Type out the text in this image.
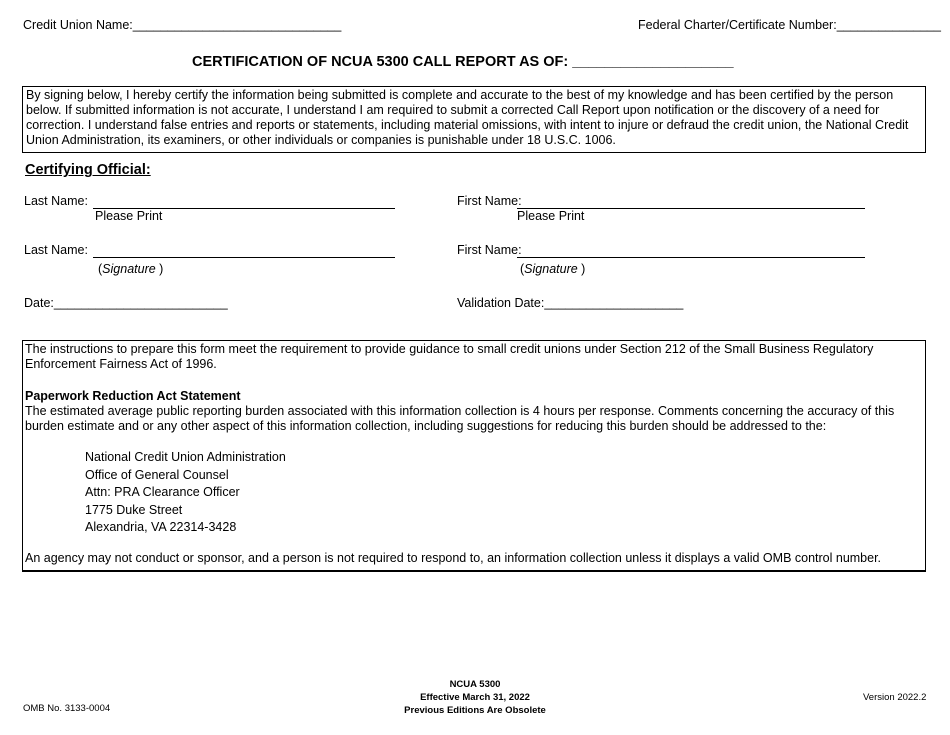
Credit Union Name:______________________________	Federal Charter/Certificate Number:_______________
CERTIFICATION OF NCUA 5300 CALL REPORT AS OF: ____________________
By signing below, I hereby certify the information being submitted is complete and accurate to the best of my knowledge and has been certified by the person below. If submitted information is not accurate, I understand I am required to submit a corrected Call Report upon notification or the discovery of a need for correction. I understand false entries and reports or statements, including material omissions, with intent to injure or defraud the credit union, the National Credit Union Administration, its examiners, or other individuals or companies is punishable under 18 U.S.C. 1006.
Certifying Official:
Last Name:
Please Print
First Name:
Please Print
Last Name:
(Signature )
First Name:
(Signature )
Date:_________________________	Validation Date:____________________
The instructions to prepare this form meet the requirement to provide guidance to small credit unions under Section 212 of the Small Business Regulatory Enforcement Fairness Act of 1996.
Paperwork Reduction Act Statement
The estimated average public reporting burden associated with this information collection is 4 hours per response. Comments concerning the accuracy of this burden estimate and or any other aspect of this information collection, including suggestions for reducing this burden should be addressed to the:
National Credit Union Administration
Office of General Counsel
Attn: PRA Clearance Officer
1775 Duke Street
Alexandria, VA 22314-3428
An agency may not conduct or sponsor, and a person is not required to respond to, an information collection unless it displays a valid OMB control number.
OMB No. 3133-0004
NCUA 5300
Effective March 31, 2022
Previous Editions Are Obsolete
Version 2022.2
